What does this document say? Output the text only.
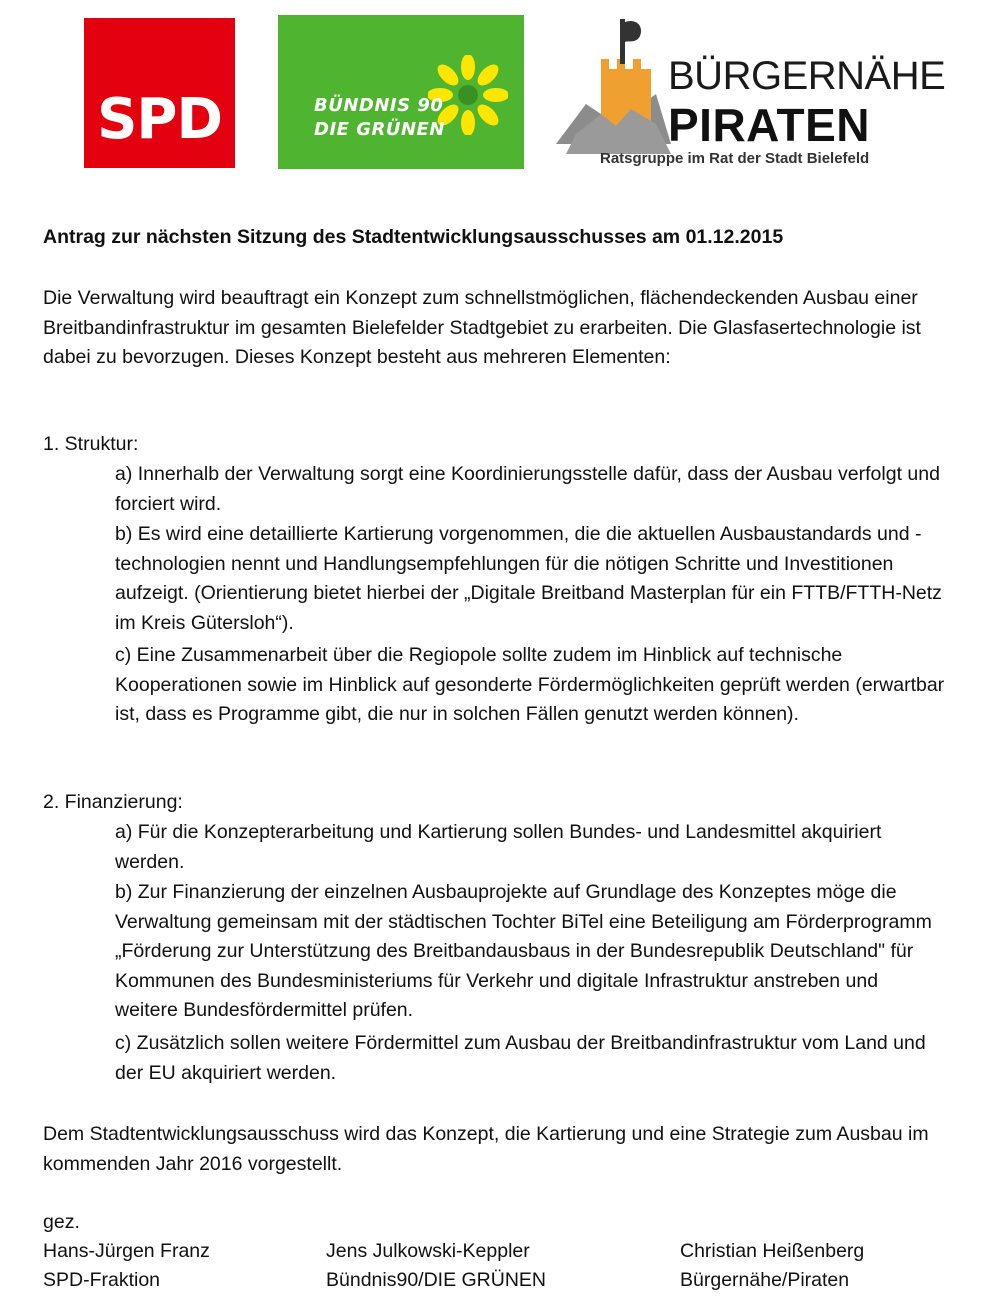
SPD	BÜNDNIS 90
DIE GRÜNEN
BÜRGERNÄHE
PIRATEN
Ratsgruppe im Rat der Stadt Bielefeld
Antrag zur nächsten Sitzung des Stadtentwicklungsausschusses am 01.12.2015

Die Verwaltung wird beauftragt ein Konzept zum schnellstmöglichen, flächendeckenden Ausbau einer Breitbandinfrastruktur im gesamten Bielefelder Stadtgebiet zu erarbeiten. Die Glasfasertechnologie ist dabei zu bevorzugen. Dieses Konzept besteht aus mehreren Elementen:

1. Struktur:

a) Innerhalb der Verwaltung sorgt eine Koordinierungsstelle dafür, dass der Ausbau verfolgt und forciert wird.

b) Es wird eine detaillierte Kartierung vorgenommen, die die aktuellen Ausbaustandards und -technologien nennt und Handlungsempfehlungen für die nötigen Schritte und Investitionen aufzeigt. (Orientierung bietet hierbei der „Digitale Breitband Masterplan für ein FTTB/FTTH-Netz im Kreis Gütersloh“).

c) Eine Zusammenarbeit über die Regiopole sollte zudem im Hinblick auf technische Kooperationen sowie im Hinblick auf gesonderte Fördermöglichkeiten geprüft werden (erwartbar ist, dass es Programme gibt, die nur in solchen Fällen genutzt werden können).

2. Finanzierung:

a) Für die Konzepterarbeitung und Kartierung sollen Bundes- und Landesmittel akquiriert werden.

b) Zur Finanzierung der einzelnen Ausbauprojekte auf Grundlage des Konzeptes möge die Verwaltung gemeinsam mit der städtischen Tochter BiTel eine Beteiligung am Förderprogramm „Förderung zur Unterstützung des Breitbandausbaus in der Bundesrepublik Deutschland" für Kommunen des Bundesministeriums für Verkehr und digitale Infrastruktur anstreben und weitere Bundesfördermittel prüfen.

c) Zusätzlich sollen weitere Fördermittel zum Ausbau der Breitbandinfrastruktur vom Land und der EU akquiriert werden.

Dem Stadtentwicklungsausschuss wird das Konzept, die Kartierung und eine Strategie zum Ausbau im kommenden Jahr 2016 vorgestellt.

gez.
Hans-Jürgen Franz
SPD-Fraktion
Jens Julkowski-Keppler
Bündnis90/DIE GRÜNEN
Christian Heißenberg
Bürgernähe/Piraten
